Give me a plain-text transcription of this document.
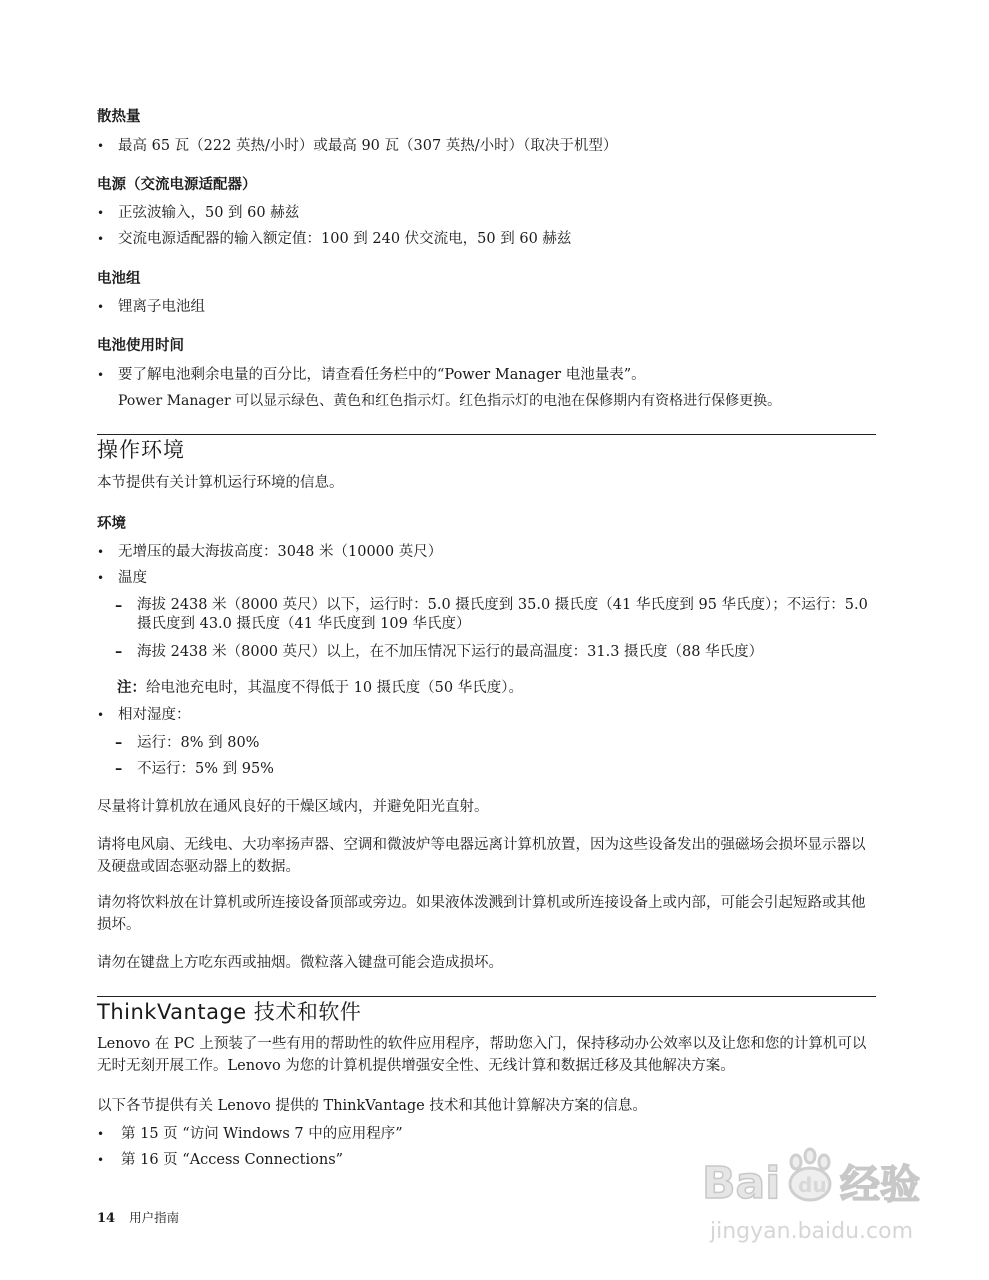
散热量
• 最高 65 瓦（222 英热/小时）或最高 90 瓦（307 英热/小时）（取决于机型）
电源（交流电源适配器）
• 正弦波输入，50 到 60 赫兹
• 交流电源适配器的输入额定值：100 到 240 伏交流电，50 到 60 赫兹
电池组
• 锂离子电池组
电池使用时间
• 要了解电池剩余电量的百分比，请查看任务栏中的“Power Manager 电池量表”。
Power Manager 可以显示绿色、黄色和红色指示灯。红色指示灯的电池在保修期内有资格进行保修更换。
操作环境
本节提供有关计算机运行环境的信息。
环境
• 无增压的最大海拔高度：3048 米（10000 英尺）
• 温度
– 海拔 2438 米（8000 英尺）以下，运行时：5.0 摄氏度到 35.0 摄氏度（41 华氏度到 95 华氏度）；不运行：5.0 摄氏度到 43.0 摄氏度（41 华氏度到 109 华氏度）
– 海拔 2438 米（8000 英尺）以上，在不加压情况下运行的最高温度：31.3 摄氏度（88 华氏度）
注：给电池充电时，其温度不得低于 10 摄氏度（50 华氏度）。
• 相对湿度：
– 运行：8% 到 80%
– 不运行：5% 到 95%
尽量将计算机放在通风良好的干燥区域内，并避免阳光直射。
请将电风扇、无线电、大功率扬声器、空调和微波炉等电器远离计算机放置，因为这些设备发出的强磁场会损坏显示器以及硬盘或固态驱动器上的数据。
请勿将饮料放在计算机或所连接设备顶部或旁边。如果液体泼溅到计算机或所连接设备上或内部，可能会引起短路或其他损坏。
请勿在键盘上方吃东西或抽烟。微粒落入键盘可能会造成损坏。
ThinkVantage 技术和软件
Lenovo 在 PC 上预装了一些有用的帮助性的软件应用程序，帮助您入门，保持移动办公效率以及让您和您的计算机可以无时无刻开展工作。Lenovo 为您的计算机提供增强安全性、无线计算和数据迁移及其他解决方案。
以下各节提供有关 Lenovo 提供的 ThinkVantage 技术和其他计算解决方案的信息。
•	第 15 页 “访问 Windows 7 中的应用程序”
•	第 16 页 “Access Connections”
14 用户指南
Bai du 经验
jingyan.baidu.com
